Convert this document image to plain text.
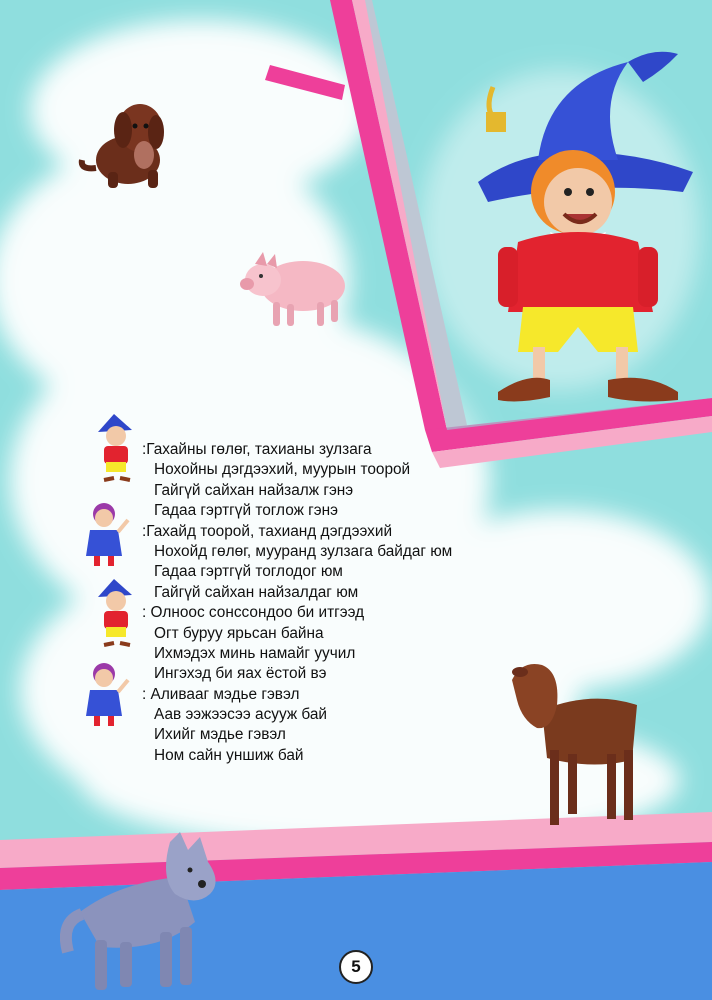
:Гахайны гөлөг, тахианы зулзага
Нохойны дэгдээхий, муурын тоорой
Гайгүй сайхан найзалж гэнэ
Гадаа гэртгүй тоглож гэнэ
:Гахайд тоорой, тахианд дэгдээхий
Нохойд гөлөг, мууранд зулзага байдаг юм
Гадаа гэртгүй тоглодог юм
Гайгүй сайхан найзалдаг юм
: Олноос сонссондоо би итгээд
Огт буруу ярьсан байна
Ихмэдэх минь намайг уучил
Ингэхэд би яах ёстой вэ
: Аливааг мэдье гэвэл
Аав ээжээсээ асууж бай
Ихийг мэдье гэвэл
Ном сайн уншиж бай
5
